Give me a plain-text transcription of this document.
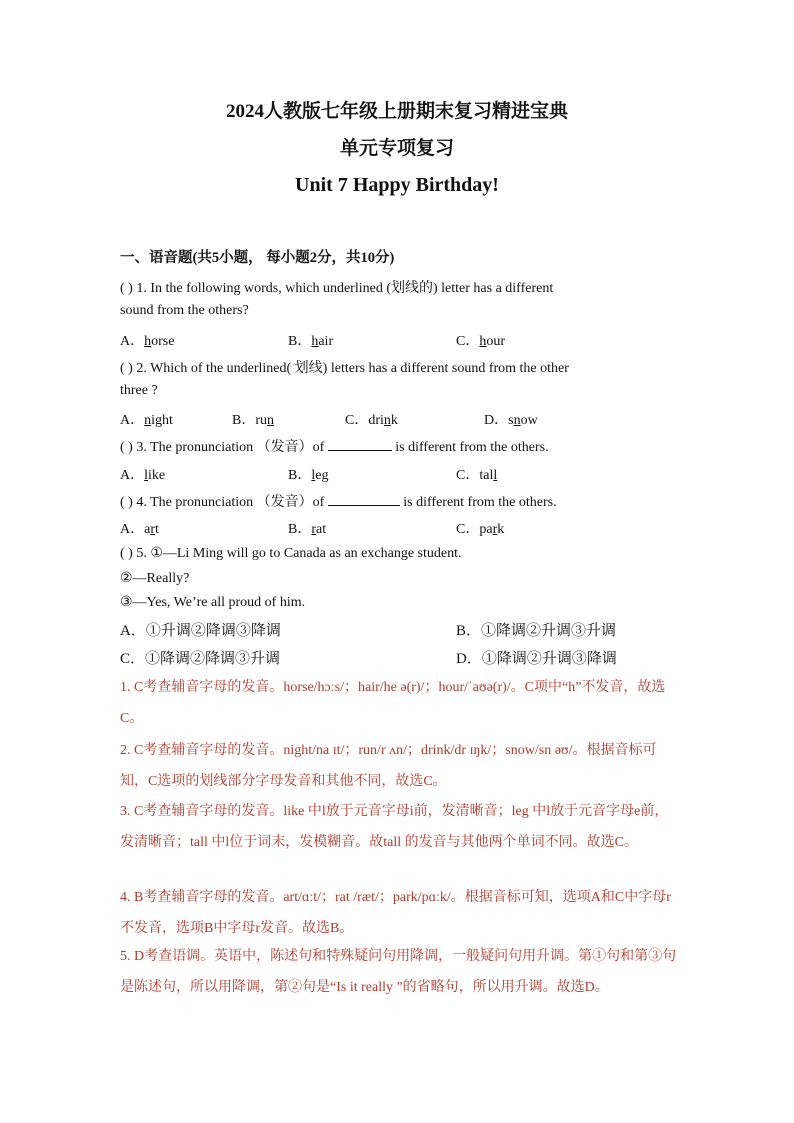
2024人教版七年级上册期末复习精进宝典
单元专项复习
Unit 7 Happy Birthday!
一、语音题(共5小题， 每小题2分，共10分)
( ) 1. In the following words, which underlined (划线的) letter has a different
sound from the others?
A．horse	B．hair	C．hour
( ) 2. Which of the underlined( 划线) letters has a different sound from the other
three ?
A．night	B．run	C．drink	D．snow
( ) 3. The pronunciation （发音）of	is different from the others.
A．like	B．leg	C．tall
( ) 4. The pronunciation （发音）of	is different from the others.
A．art	B．rat	C．park
( ) 5. ①—Li Ming will go to Canada as an exchange student.
②—Really?
③—Yes, We’re all proud of him.
A．①升调②降调③降调	B．①降调②升调③升调
C．①降调②降调③升调	D．①降调②升调③降调
1. C考查辅音字母的发音。horse/hɔːs/；hair/he ə(r)/；hour/ˈaʊə(r)/。C项中“h”不发音，故选C。
2. C考查辅音字母的发音。night/na ɪt/；run/r ʌn/；drink/dr ɪŋk/；snow/sn əʊ/。根据音标可知，C选项的划线部分字母发音和其他不同，故选C。
3. C考查辅音字母的发音。like 中l放于元音字母i前，发清晰音；leg 中l放于元音字母e前，发清晰音；tall 中l位于词末，发模糊音。故tall 的发音与其他两个单词不同。故选C。
4. B考查辅音字母的发音。art/ɑːt/；rat /ræt/；park/pɑːk/。根据音标可知，选项A和C中字母r不发音，选项B中字母r发音。故选B。
5. D考查语调。英语中，陈述句和特殊疑问句用降调，一般疑问句用升调。第①句和第③句是陈述句，所以用降调，第②句是“Is it really ”的省略句，所以用升调。故选D。
